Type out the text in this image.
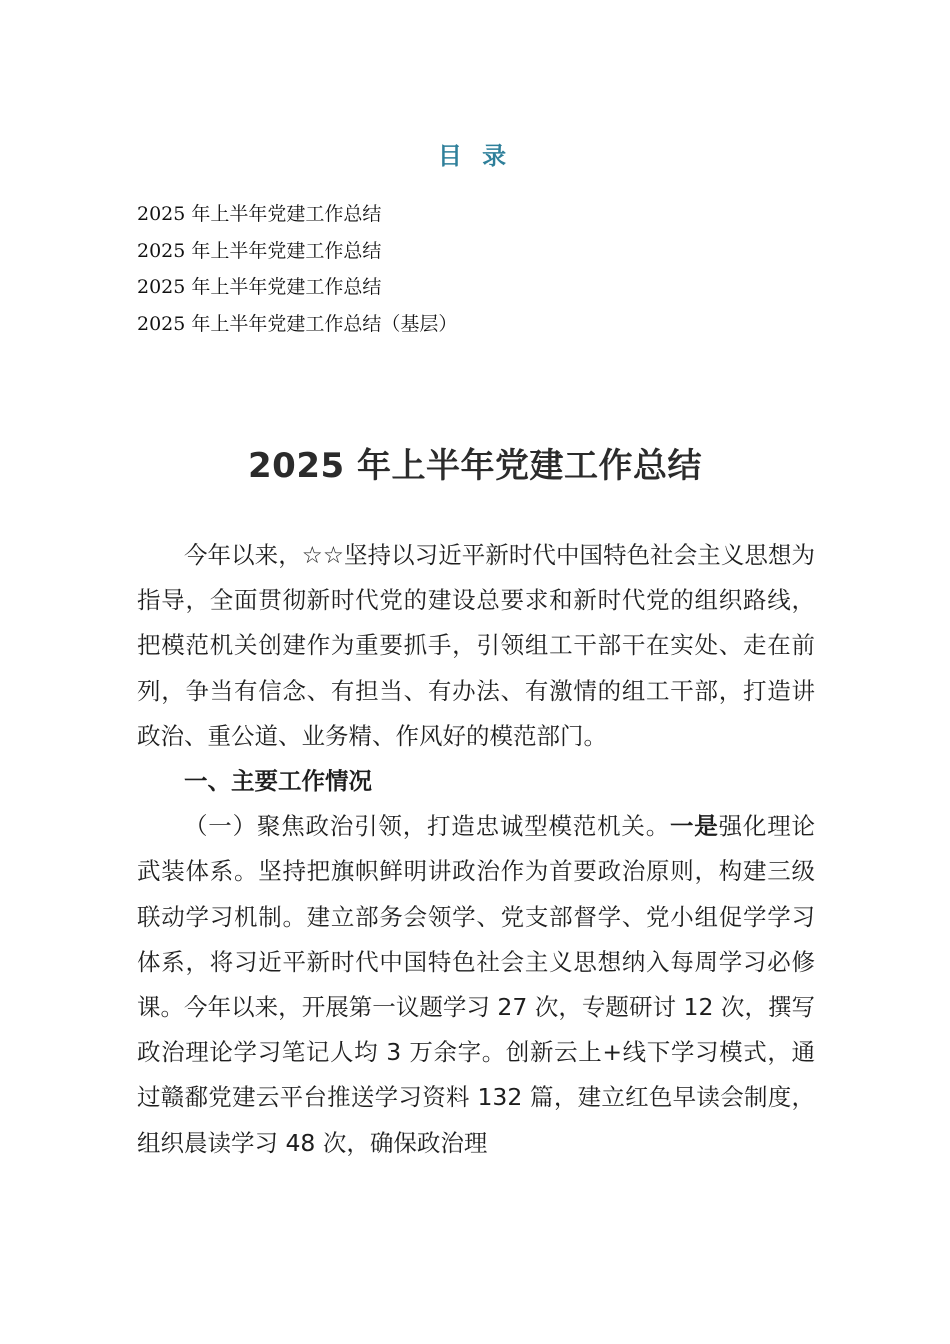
目 录
2025 年上半年党建工作总结
2025 年上半年党建工作总结
2025 年上半年党建工作总结
2025 年上半年党建工作总结（基层）
2025 年上半年党建工作总结

今年以来，☆☆坚持以习近平新时代中国特色社会主义思想为指导，全面贯彻新时代党的建设总要求和新时代党的组织路线，把模范机关创建作为重要抓手，引领组工干部干在实处、走在前列，争当有信念、有担当、有办法、有激情的组工干部，打造讲政治、重公道、业务精、作风好的模范部门。

一、主要工作情况

（一）聚焦政治引领，打造忠诚型模范机关。一是强化理论武装体系。坚持把旗帜鲜明讲政治作为首要政治原则，构建三级联动学习机制。建立部务会领学、党支部督学、党小组促学学习体系，将习近平新时代中国特色社会主义思想纳入每周学习必修课。今年以来，开展第一议题学习 27 次，专题研讨 12 次，撰写政治理论学习笔记人均 3 万余字。创新云上+线下学习模式，通过赣鄱党建云平台推送学习资料 132 篇，建立红色早读会制度，组织晨读学习 48 次，确保政治理
